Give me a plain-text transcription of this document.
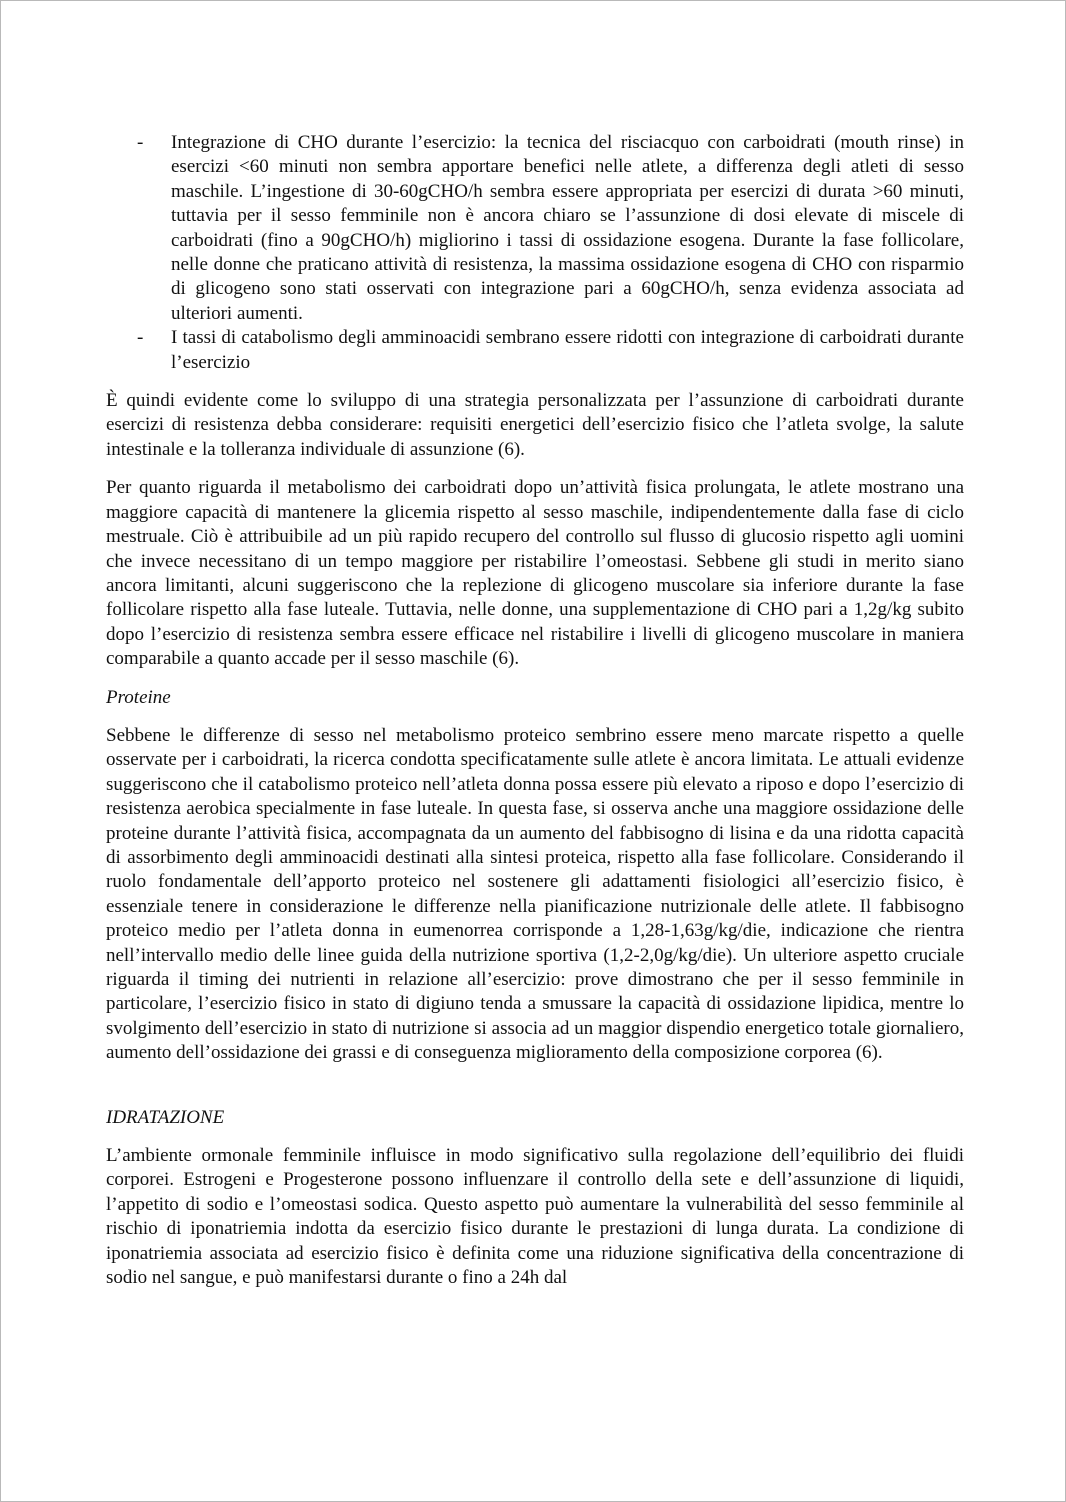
- Integrazione di CHO durante l’esercizio: la tecnica del risciacquo con carboidrati (mouth rinse) in esercizi <60 minuti non sembra apportare benefici nelle atlete, a differenza degli atleti di sesso maschile. L’ingestione di 30-60gCHO/h sembra essere appropriata per esercizi di durata >60 minuti, tuttavia per il sesso femminile non è ancora chiaro se l’assunzione di dosi elevate di miscele di carboidrati (fino a 90gCHO/h) migliorino i tassi di ossidazione esogena. Durante la fase follicolare, nelle donne che praticano attività di resistenza, la massima ossidazione esogena di CHO con risparmio di glicogeno sono stati osservati con integrazione pari a 60gCHO/h, senza evidenza associata ad ulteriori aumenti.
- I tassi di catabolismo degli amminoacidi sembrano essere ridotti con integrazione di carboidrati durante l’esercizio

È quindi evidente come lo sviluppo di una strategia personalizzata per l’assunzione di carboidrati durante esercizi di resistenza debba considerare: requisiti energetici dell’esercizio fisico che l’atleta svolge, la salute intestinale e la tolleranza individuale di assunzione (6).

Per quanto riguarda il metabolismo dei carboidrati dopo un’attività fisica prolungata, le atlete mostrano una maggiore capacità di mantenere la glicemia rispetto al sesso maschile, indipendentemente dalla fase di ciclo mestruale. Ciò è attribuibile ad un più rapido recupero del controllo sul flusso di glucosio rispetto agli uomini che invece necessitano di un tempo maggiore per ristabilire l’omeostasi. Sebbene gli studi in merito siano ancora limitanti, alcuni suggeriscono che la replezione di glicogeno muscolare sia inferiore durante la fase follicolare rispetto alla fase luteale. Tuttavia, nelle donne, una supplementazione di CHO pari a 1,2g/kg subito dopo l’esercizio di resistenza sembra essere efficace nel ristabilire i livelli di glicogeno muscolare in maniera comparabile a quanto accade per il sesso maschile (6).

Proteine

Sebbene le differenze di sesso nel metabolismo proteico sembrino essere meno marcate rispetto a quelle osservate per i carboidrati, la ricerca condotta specificatamente sulle atlete è ancora limitata. Le attuali evidenze suggeriscono che il catabolismo proteico nell’atleta donna possa essere più elevato a riposo e dopo l’esercizio di resistenza aerobica specialmente in fase luteale. In questa fase, si osserva anche una maggiore ossidazione delle proteine durante l’attività fisica, accompagnata da un aumento del fabbisogno di lisina e da una ridotta capacità di assorbimento degli amminoacidi destinati alla sintesi proteica, rispetto alla fase follicolare. Considerando il ruolo fondamentale dell’apporto proteico nel sostenere gli adattamenti fisiologici all’esercizio fisico, è essenziale tenere in considerazione le differenze nella pianificazione nutrizionale delle atlete. Il fabbisogno proteico medio per l’atleta donna in eumenorrea corrisponde a 1,28-1,63g/kg/die, indicazione che rientra nell’intervallo medio delle linee guida della nutrizione sportiva (1,2-2,0g/kg/die). Un ulteriore aspetto cruciale riguarda il timing dei nutrienti in relazione all’esercizio: prove dimostrano che per il sesso femminile in particolare, l’esercizio fisico in stato di digiuno tenda a smussare la capacità di ossidazione lipidica, mentre lo svolgimento dell’esercizio in stato di nutrizione si associa ad un maggior dispendio energetico totale giornaliero, aumento dell’ossidazione dei grassi e di conseguenza miglioramento della composizione corporea (6).

IDRATAZIONE

L’ambiente ormonale femminile influisce in modo significativo sulla regolazione dell’equilibrio dei fluidi corporei. Estrogeni e Progesterone possono influenzare il controllo della sete e dell’assunzione di liquidi, l’appetito di sodio e l’omeostasi sodica. Questo aspetto può aumentare la vulnerabilità del sesso femminile al rischio di iponatriemia indotta da esercizio fisico durante le prestazioni di lunga durata. La condizione di iponatriemia associata ad esercizio fisico è definita come una riduzione significativa della concentrazione di sodio nel sangue, e può manifestarsi durante o fino a 24h dal
